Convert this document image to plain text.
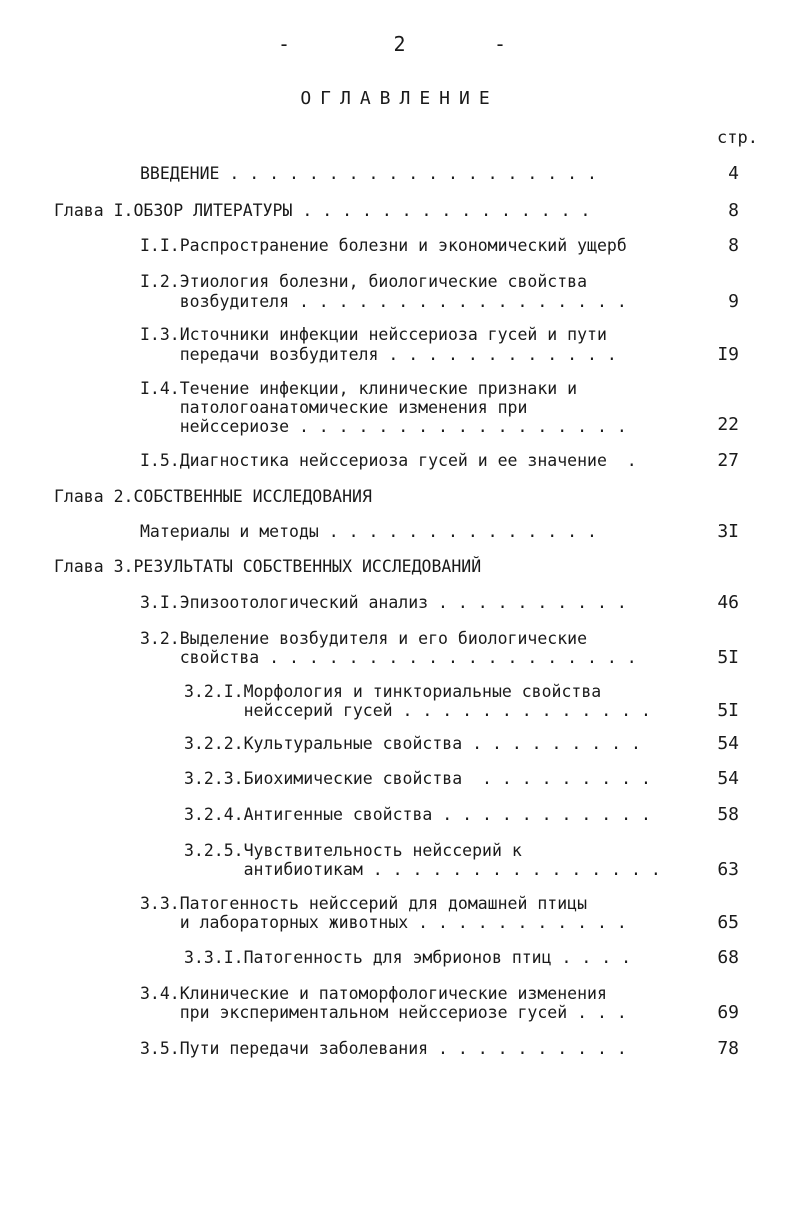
-	2	-
ОГЛАВЛЕНИЕ
стр.
ВВЕДЕНИЕ . . . . . . . . . . . . . . . . . . .	4
Глава I.ОБЗОР ЛИТЕРАТУРЫ . . . . . . . . . . . . . . .	8
I.I.Распространение болезни и экономический ущерб	8
I.2.Этиология болезни, биологические свойства
возбудителя . . . . . . . . . . . . . . . . .	9
I.3.Источники инфекции нейссериоза гусей и пути
передачи возбудителя . . . . . . . . . . . .	I9
I.4.Течение инфекции, клинические признаки и
патологоанатомические изменения при
нейссериозе . . . . . . . . . . . . . . . . .	22
I.5.Диагностика нейссериоза гусей и ее значение  .	27
Глава 2.СОБСТВЕННЫЕ ИССЛЕДОВАНИЯ
Материалы и методы . . . . . . . . . . . . . .	3I
Глава 3.РЕЗУЛЬТАТЫ СОБСТВЕННЫХ ИССЛЕДОВАНИЙ
3.I.Эпизоотологический анализ . . . . . . . . . .	46
3.2.Выделение возбудителя и его биологические
свойства . . . . . . . . . . . . . . . . . . .	5I
3.2.I.Морфология и тинкториальные свойства
нейссерий гусей . . . . . . . . . . . . .	5I
3.2.2.Культуральные свойства . . . . . . . . .	54
3.2.3.Биохимические свойства  . . . . . . . . .	54
3.2.4.Антигенные свойства . . . . . . . . . . .	58
3.2.5.Чувствительность нейссерий к
антибиотикам . . . . . . . . . . . . . . .	63
3.3.Патогенность нейссерий для домашней птицы
и лабораторных животных . . . . . . . . . . .	65
3.3.I.Патогенность для эмбрионов птиц . . . .	68
3.4.Клинические и патоморфологические изменения
при экспериментальном нейссериозе гусей . . .	69
3.5.Пути передачи заболевания . . . . . . . . . .	78
